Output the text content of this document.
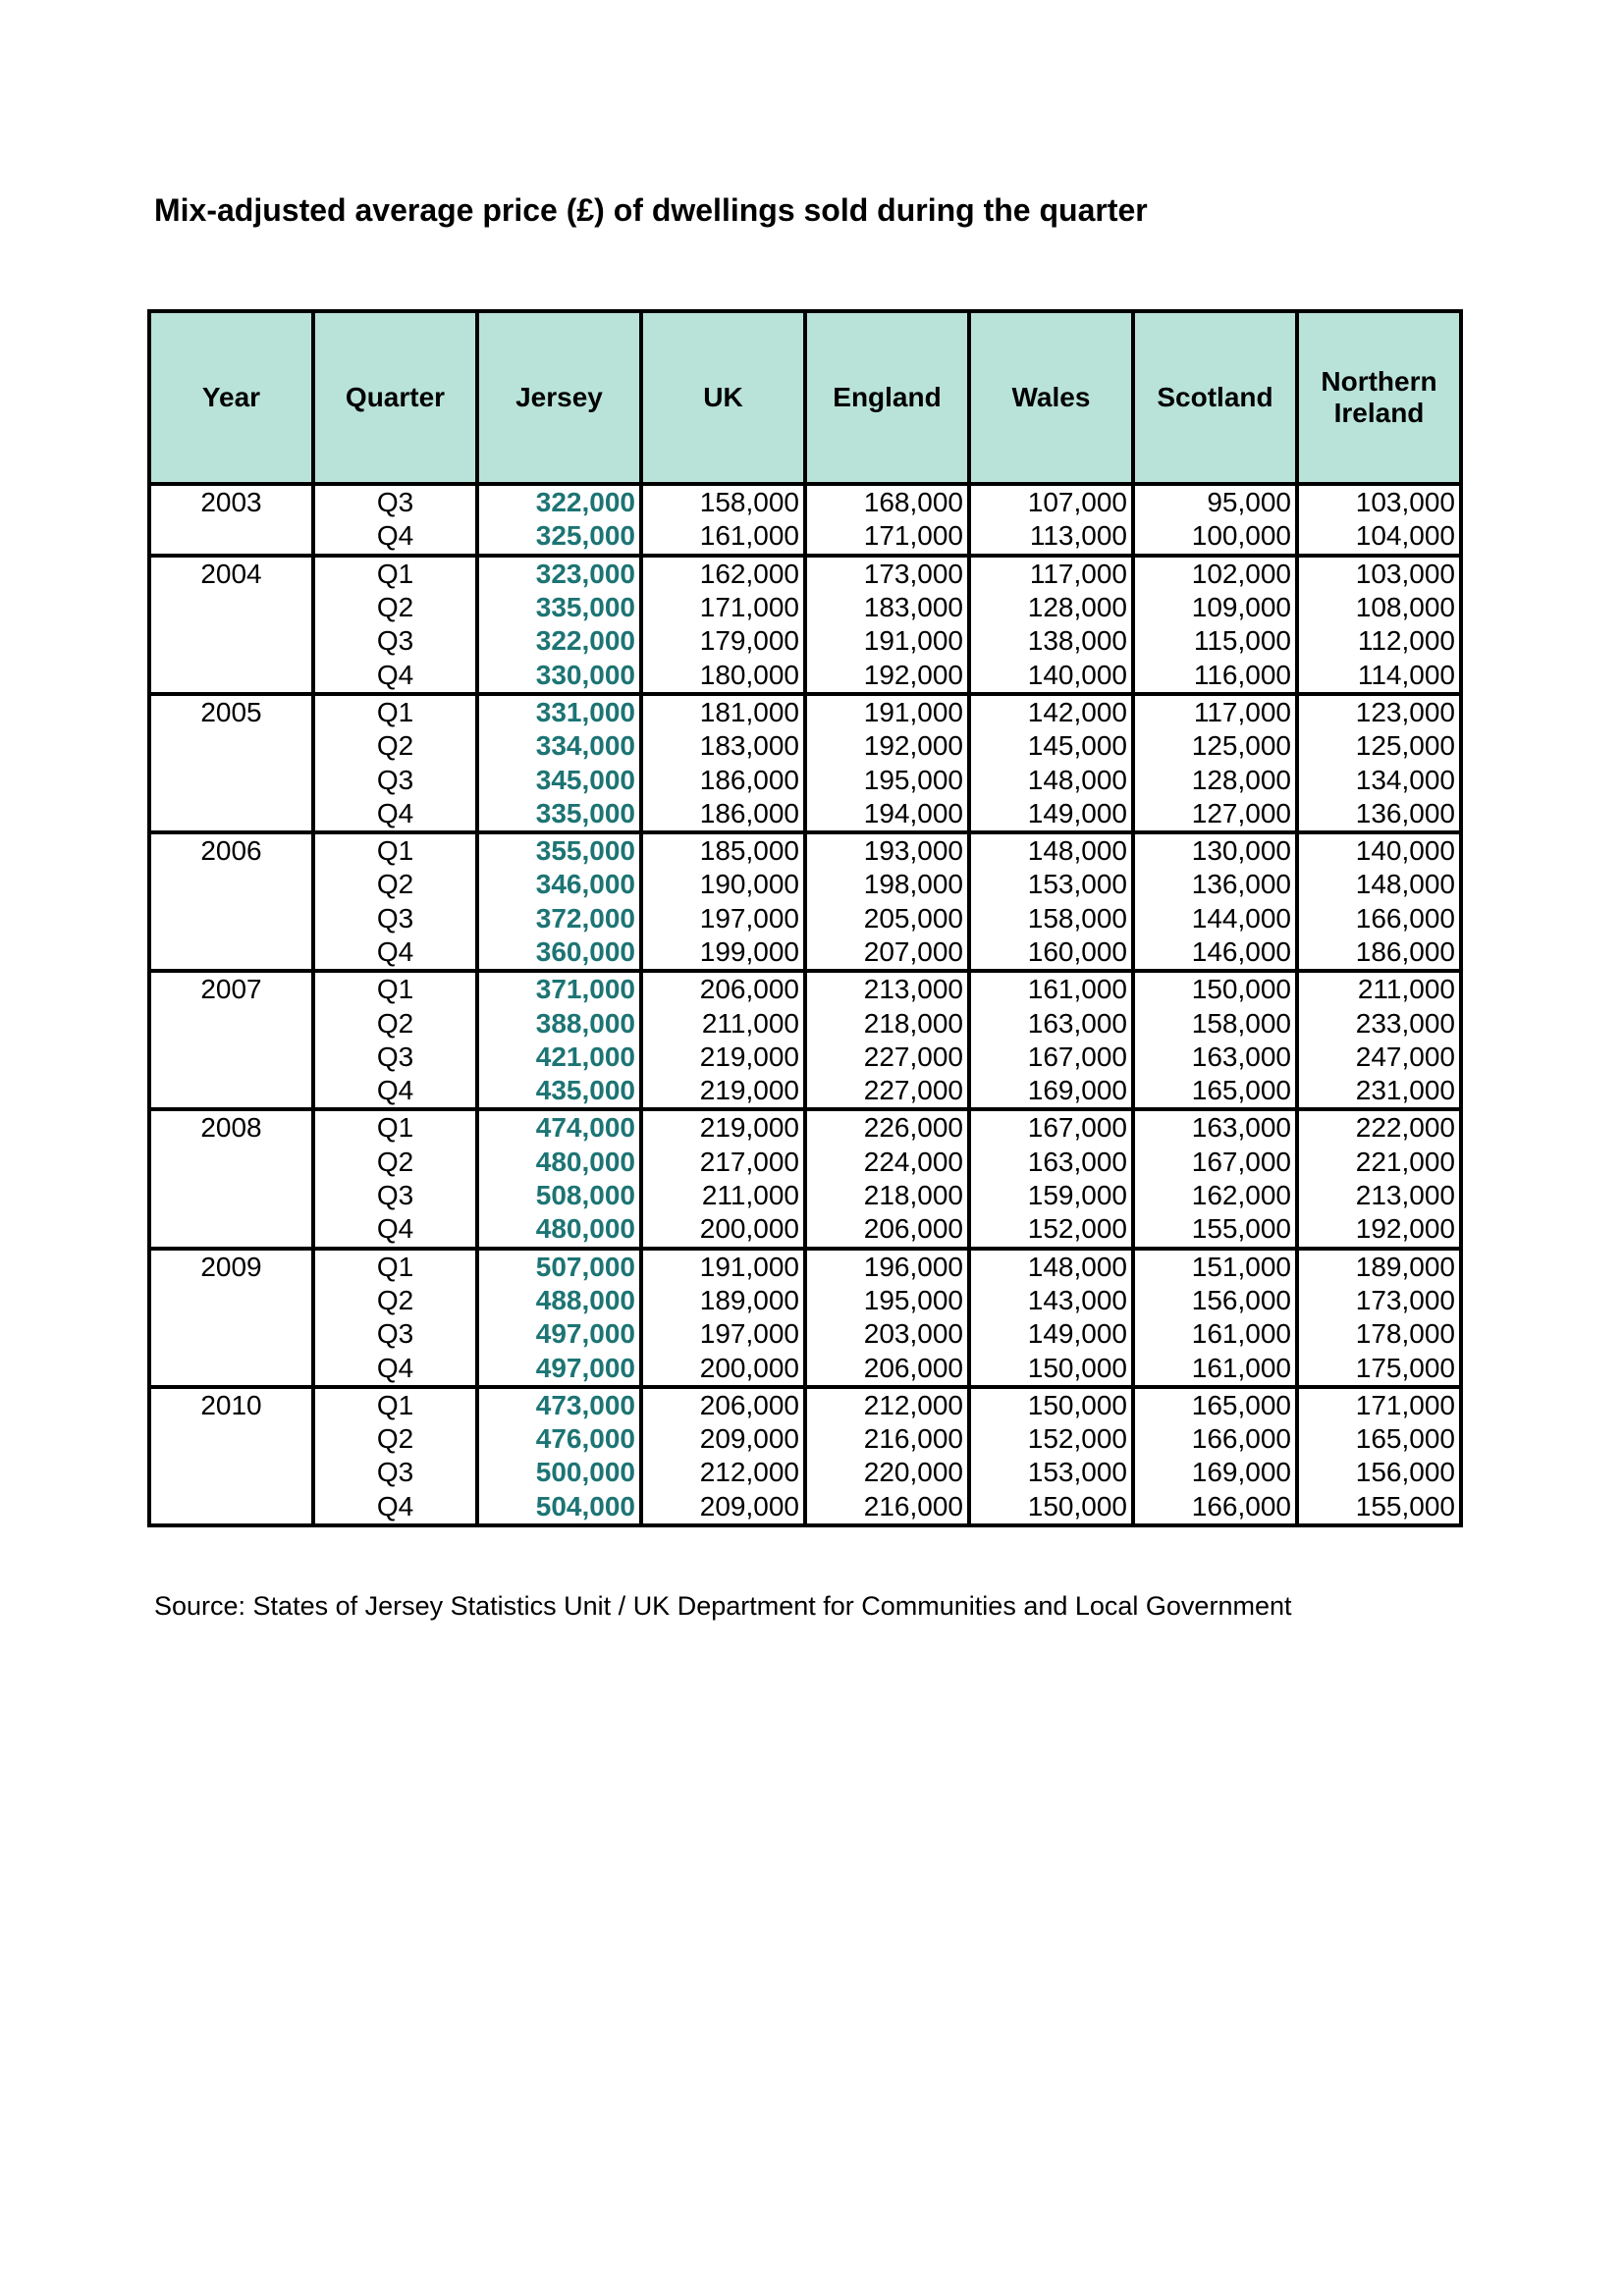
Mix-adjusted average price (£) of dwellings sold during the quarter
Year	Quarter	Jersey	UK	England	Wales	Scotland	Northern Ireland
2003	Q3	322,000	158,000	168,000	107,000	95,000	103,000
	Q4	325,000	161,000	171,000	113,000	100,000	104,000
2004	Q1	323,000	162,000	173,000	117,000	102,000	103,000
	Q2	335,000	171,000	183,000	128,000	109,000	108,000
	Q3	322,000	179,000	191,000	138,000	115,000	112,000
	Q4	330,000	180,000	192,000	140,000	116,000	114,000
2005	Q1	331,000	181,000	191,000	142,000	117,000	123,000
	Q2	334,000	183,000	192,000	145,000	125,000	125,000
	Q3	345,000	186,000	195,000	148,000	128,000	134,000
	Q4	335,000	186,000	194,000	149,000	127,000	136,000
2006	Q1	355,000	185,000	193,000	148,000	130,000	140,000
	Q2	346,000	190,000	198,000	153,000	136,000	148,000
	Q3	372,000	197,000	205,000	158,000	144,000	166,000
	Q4	360,000	199,000	207,000	160,000	146,000	186,000
2007	Q1	371,000	206,000	213,000	161,000	150,000	211,000
	Q2	388,000	211,000	218,000	163,000	158,000	233,000
	Q3	421,000	219,000	227,000	167,000	163,000	247,000
	Q4	435,000	219,000	227,000	169,000	165,000	231,000
2008	Q1	474,000	219,000	226,000	167,000	163,000	222,000
	Q2	480,000	217,000	224,000	163,000	167,000	221,000
	Q3	508,000	211,000	218,000	159,000	162,000	213,000
	Q4	480,000	200,000	206,000	152,000	155,000	192,000
2009	Q1	507,000	191,000	196,000	148,000	151,000	189,000
	Q2	488,000	189,000	195,000	143,000	156,000	173,000
	Q3	497,000	197,000	203,000	149,000	161,000	178,000
	Q4	497,000	200,000	206,000	150,000	161,000	175,000
2010	Q1	473,000	206,000	212,000	150,000	165,000	171,000
	Q2	476,000	209,000	216,000	152,000	166,000	165,000
	Q3	500,000	212,000	220,000	153,000	169,000	156,000
	Q4	504,000	209,000	216,000	150,000	166,000	155,000

Source: States of Jersey Statistics Unit / UK Department for Communities and Local Government
